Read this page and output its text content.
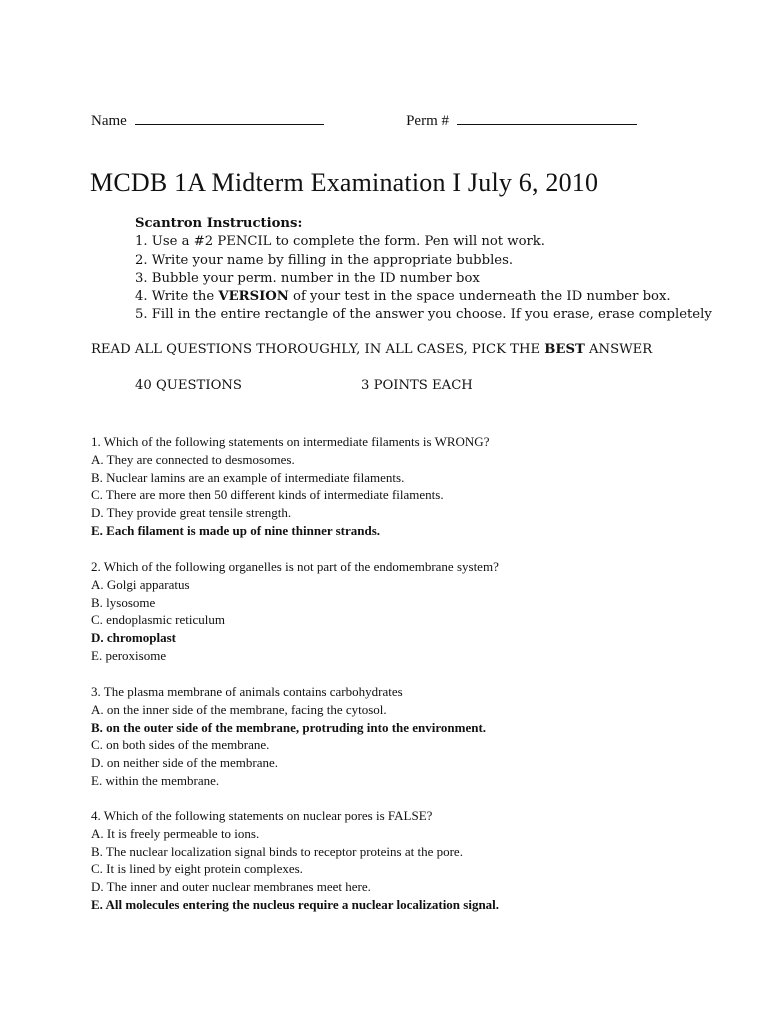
Name	Perm #
MCDB 1A Midterm Examination I July 6, 2010
Scantron Instructions:
1. Use a #2 PENCIL to complete the form. Pen will not work.
2. Write your name by filling in the appropriate bubbles.
3. Bubble your perm. number in the ID number box
4. Write the VERSION of your test in the space underneath the ID number box.
5. Fill in the entire rectangle of the answer you choose. If you erase, erase completely
READ ALL QUESTIONS THOROUGHLY, IN ALL CASES, PICK THE BEST ANSWER
40 QUESTIONS	3 POINTS EACH
1. Which of the following statements on intermediate filaments is WRONG?
A. They are connected to desmosomes.
B. Nuclear lamins are an example of intermediate filaments.
C. There are more then 50 different kinds of intermediate filaments.
D. They provide great tensile strength.
E. Each filament is made up of nine thinner strands.
2. Which of the following organelles is not part of the endomembrane system?
A. Golgi apparatus
B. lysosome
C. endoplasmic reticulum
D. chromoplast
E. peroxisome
3. The plasma membrane of animals contains carbohydrates
A. on the inner side of the membrane, facing the cytosol.
B. on the outer side of the membrane, protruding into the environment.
C. on both sides of the membrane.
D. on neither side of the membrane.
E. within the membrane.
4. Which of the following statements on nuclear pores is FALSE?
A. It is freely permeable to ions.
B. The nuclear localization signal binds to receptor proteins at the pore.
C. It is lined by eight protein complexes.
D. The inner and outer nuclear membranes meet here.
E. All molecules entering the nucleus require a nuclear localization signal.
